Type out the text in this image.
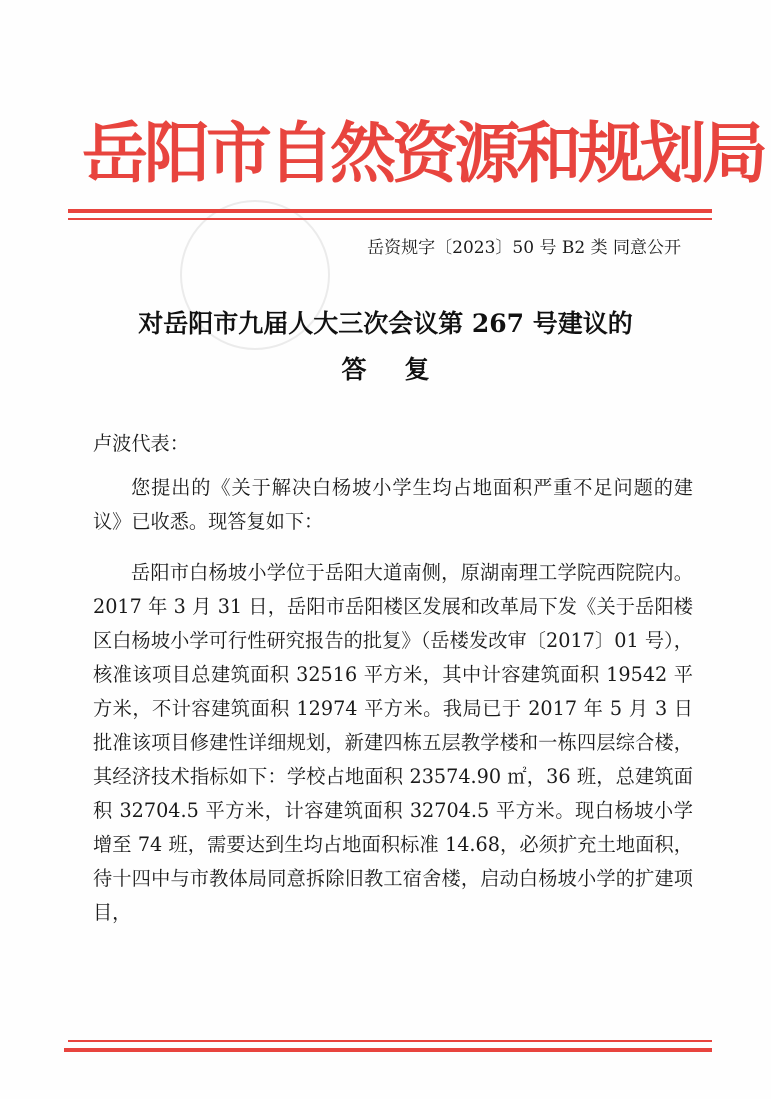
岳阳市自然资源和规划局
岳资规字〔2023〕50 号 B2 类 同意公开
对岳阳市九届人大三次会议第 267 号建议的
答复
卢波代表：

您提出的《关于解决白杨坡小学生均占地面积严重不足问题的建议》已收悉。现答复如下：

岳阳市白杨坡小学位于岳阳大道南侧，原湖南理工学院西院院内。2017 年 3 月 31 日，岳阳市岳阳楼区发展和改革局下发《关于岳阳楼区白杨坡小学可行性研究报告的批复》（岳楼发改审〔2017〕01 号），核准该项目总建筑面积 32516 平方米，其中计容建筑面积 19542 平方米，不计容建筑面积 12974 平方米。我局已于 2017 年 5 月 3 日批准该项目修建性详细规划，新建四栋五层教学楼和一栋四层综合楼，其经济技术指标如下：学校占地面积 23574.90 ㎡，36 班，总建筑面积 32704.5 平方米，计容建筑面积 32704.5 平方米。现白杨坡小学增至 74 班，需要达到生均占地面积标准 14.68，必须扩充土地面积，待十四中与市教体局同意拆除旧教工宿舍楼，启动白杨坡小学的扩建项目，
